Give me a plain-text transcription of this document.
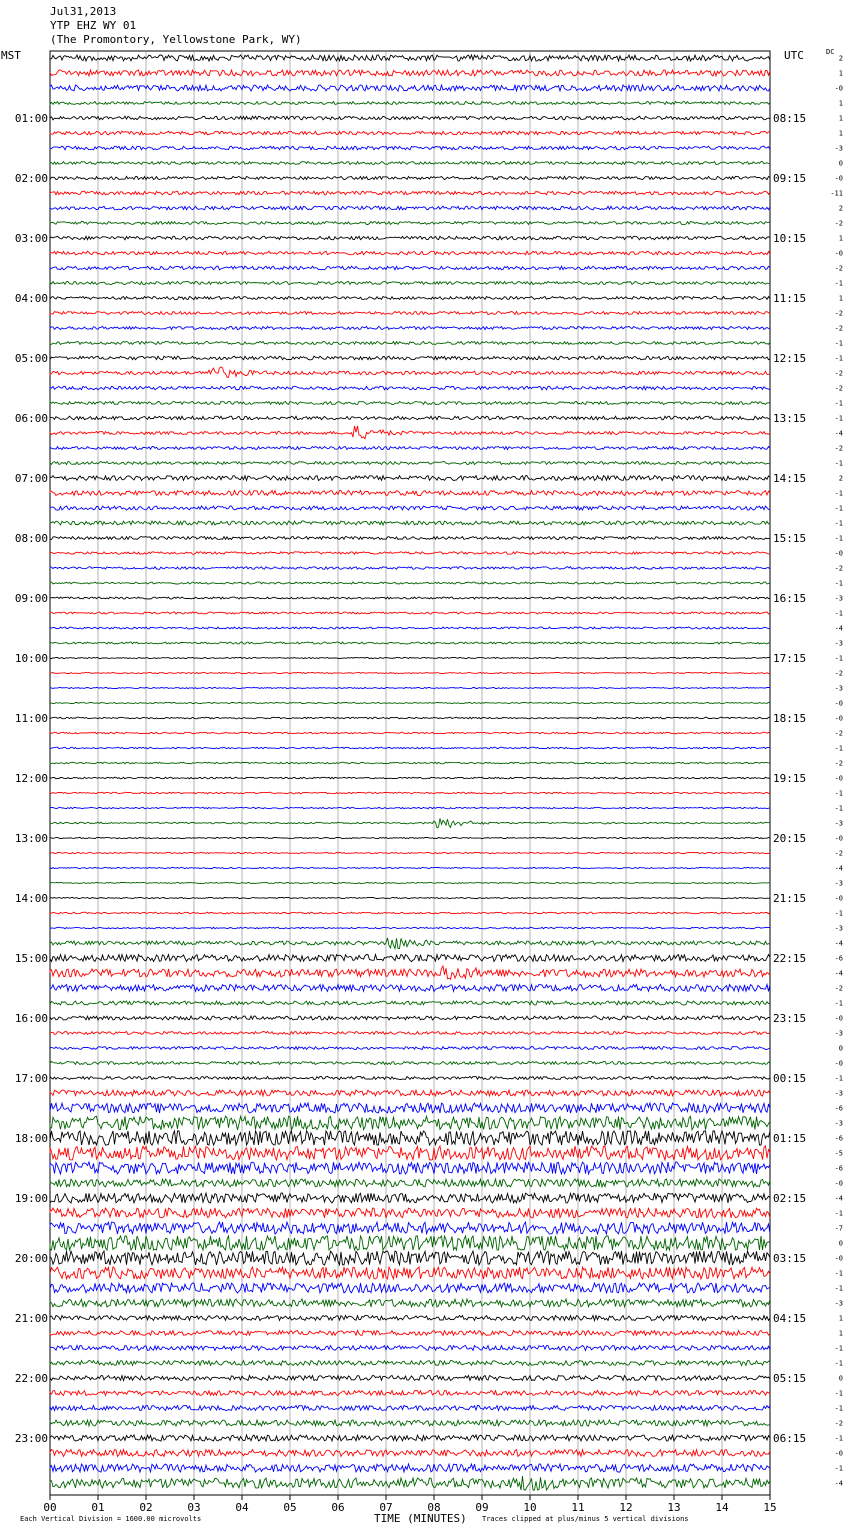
Jul31,2013
YTP EHZ WY 01
(The Promontory, Yellowstone Park, WY)
MST	UTC	DC
2
1
-0
1
1
01:00	08:15
1
-3
0
-0
02:00	09:15
-11
2
-2
1
03:00	10:15
-0
-2
-1
1
04:00	11:15
-2
-2
-1
-1
05:00	12:15
-2
-2
-1
-1
06:00	13:15
-4
-2
-1
2
07:00	14:15
-1
-1
-1
-1
08:00	15:15
-0
-2
-1
-3
09:00	16:15
-1
-4
-3
-1
10:00	17:15
-2
-3
-0
-0
11:00	18:15
-2
-1
-2
-0
12:00	19:15
-1
-1
-3
-0
13:00	20:15
-2
-4
-3
-0
14:00	21:15
-1
-3
-4
-6
15:00	22:15
-4
-2
-1
-0
16:00	23:15
-3
0
-0
-1
17:00	00:15
-3
-6
-3
-6
18:00	01:15
-5
-6
-0
-4
19:00	02:15
-1
-7
0
-0
20:00	03:15
-1
-1
-3
1
21:00	04:15
1
-1
-1
0
22:00	05:15
-1
-1
-2
-1
23:00	06:15
-0
-1
-4
00	01	02	03	04	05	06	07	08	09	10	11	12	13	14	15
Each Vertical Division = 1600.00 microvolts	TIME (MINUTES) Traces clipped at plus/minus 5 vertical divisions
